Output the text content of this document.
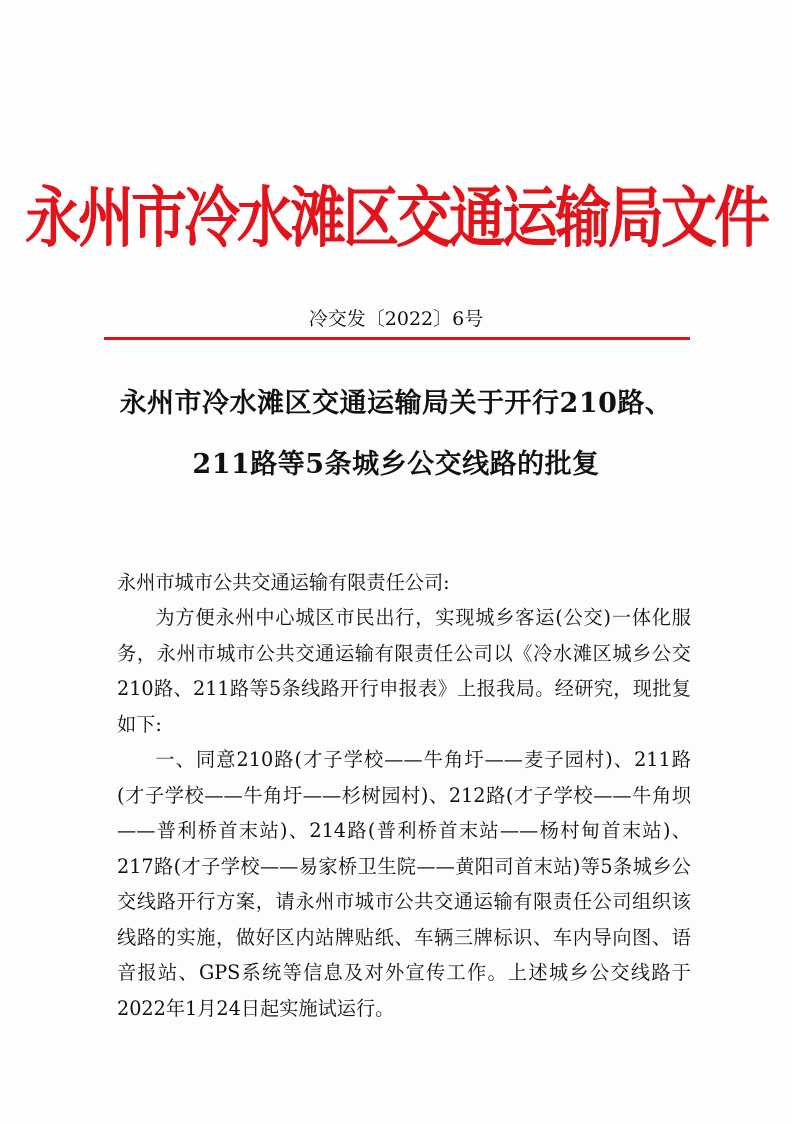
永州市冷水滩区交通运输局文件
冷交发〔2022〕6号
永州市冷水滩区交通运输局关于开行210路、
211路等5条城乡公交线路的批复

永州市城市公共交通运输有限责任公司:

为方便永州中心城区市民出行，实现城乡客运(公交)一体化服务，永州市城市公共交通运输有限责任公司以《冷水滩区城乡公交210路、211路等5条线路开行申报表》上报我局。经研究，现批复如下:

一、同意210路(才子学校——牛角圩——麦子园村)、211路(才子学校——牛角圩——杉树园村)、212路(才子学校——牛角坝——普利桥首末站)、214路(普利桥首末站——杨村甸首末站)、217路(才子学校——易家桥卫生院——黄阳司首末站)等5条城乡公交线路开行方案，请永州市城市公共交通运输有限责任公司组织该线路的实施，做好区内站牌贴纸、车辆三牌标识、车内导向图、语音报站、GPS系统等信息及对外宣传工作。上述城乡公交线路于2022年1月24日起实施试运行。
